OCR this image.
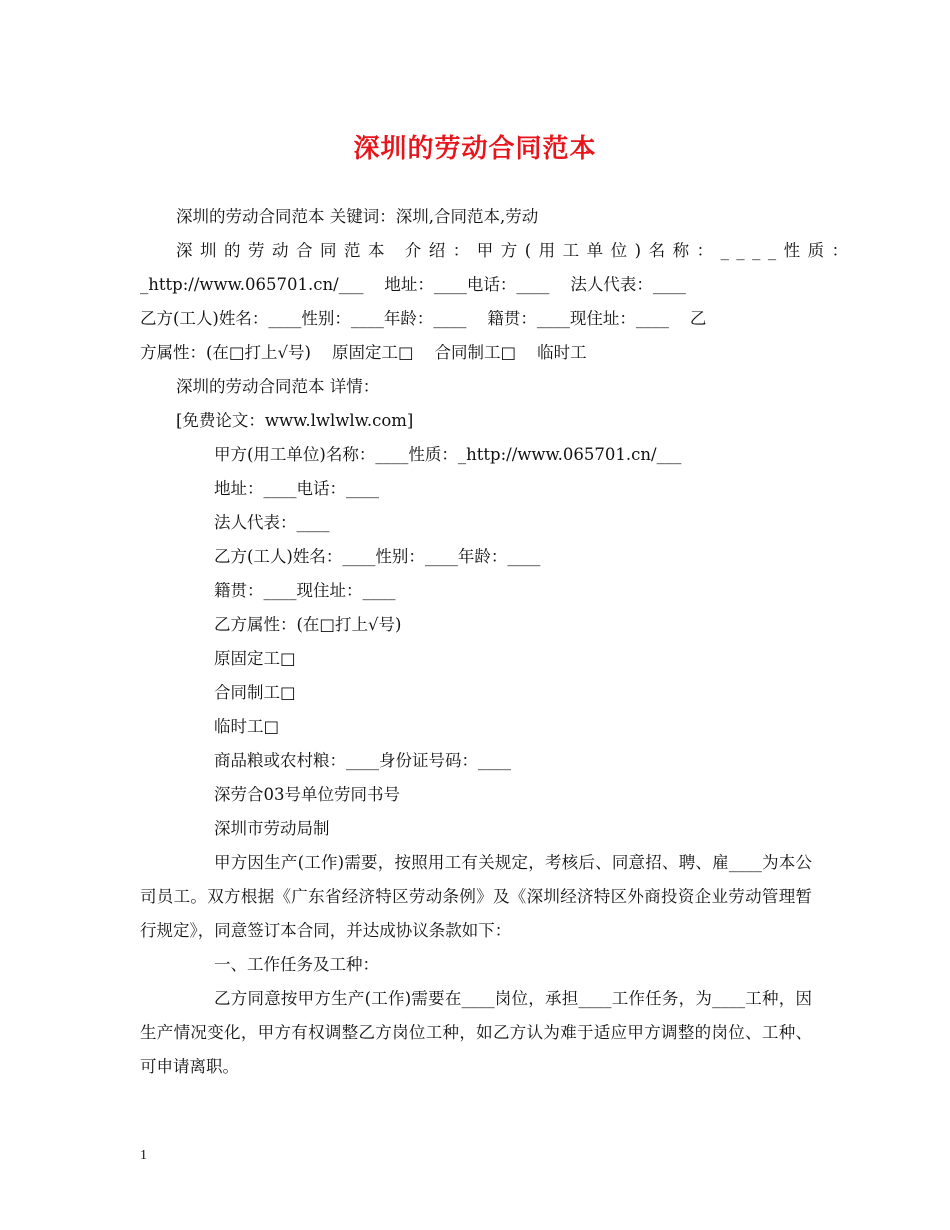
深圳的劳动合同范本

深圳的劳动合同范本 关键词：深圳,合同范本,劳动

深圳的劳动合同范本 介绍：甲方(用工单位)名称：____性质：

_http://www.065701.cn/___    地址：____电话：____    法人代表：____

乙方(工人)姓名：____性别：____年龄：____    籍贯：____现住址：____    乙

方属性：(在□打上√号)    原固定工□    合同制工□    临时工

深圳的劳动合同范本 详情：

[免费论文：www.lwlwlw.com]

甲方(用工单位)名称：____性质：_http://www.065701.cn/___

地址：____电话：____

法人代表：____

乙方(工人)姓名：____性别：____年龄：____

籍贯：____现住址：____

乙方属性：(在□打上√号)

原固定工□

合同制工□

临时工□

商品粮或农村粮：____身份证号码：____

深劳合03号单位劳同书号

深圳市劳动局制

甲方因生产(工作)需要，按照用工有关规定，考核后、同意招、聘、雇____为本公司员工。双方根据《广东省经济特区劳动条例》及《深圳经济特区外商投资企业劳动管理暂行规定》，同意签订本合同，并达成协议条款如下：

一、工作任务及工种：

乙方同意按甲方生产(工作)需要在____岗位，承担____工作任务，为____工种，因生产情况变化，甲方有权调整乙方岗位工种，如乙方认为难于适应甲方调整的岗位、工种、可申请离职。

1
